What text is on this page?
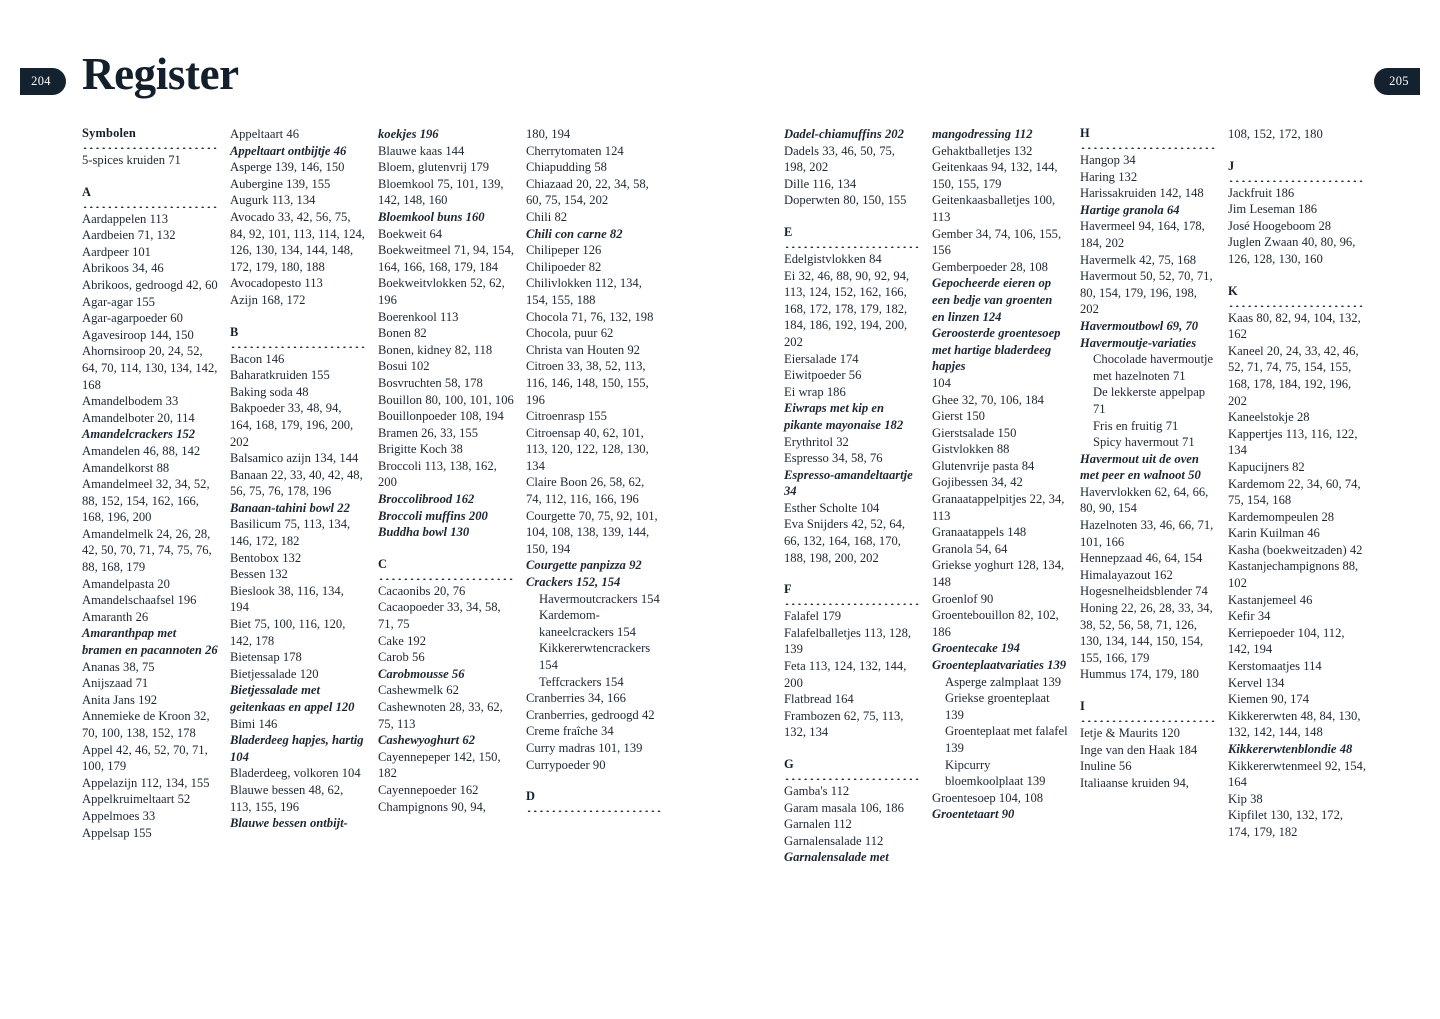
204	205
Register
Symbolen

5-spices kruiden 71

A

Aardappelen 113

Aardbeien 71, 132

Aardpeer 101

Abrikoos 34, 46

Abrikoos, gedroogd 42, 60

Agar-agar 155

Agar-agarpoeder 60

Agavesiroop 144, 150

Ahornsiroop 20, 24, 52, 64, 70, 114, 130, 134, 142, 168

Amandelbodem 33

Amandelboter 20, 114

Amandelcrackers 152

Amandelen 46, 88, 142

Amandelkorst 88

Amandelmeel 32, 34, 52, 88, 152, 154, 162, 166, 168, 196, 200

Amandelmelk 24, 26, 28, 42, 50, 70, 71, 74, 75, 76, 88, 168, 179

Amandelpasta 20

Amandelschaafsel 196

Amaranth 26

Amaranthpap met bramen en pacannoten 26

Ananas 38, 75

Anijszaad 71

Anita Jans 192

Annemieke de Kroon 32, 70, 100, 138, 152, 178

Appel 42, 46, 52, 70, 71, 100, 179

Appelazijn 112, 134, 155

Appelkruimeltaart 52

Appelmoes 33

Appelsap 155

Appeltaart 46

Appeltaart ontbijtje 46

Asperge 139, 146, 150

Aubergine 139, 155

Augurk 113, 134

Avocado 33, 42, 56, 75, 84, 92, 101, 113, 114, 124, 126, 130, 134, 144, 148, 172, 179, 180, 188

Avocadopesto 113

Azijn 168, 172

B

Bacon 146

Baharatkruiden 155

Baking soda 48

Bakpoeder 33, 48, 94, 164, 168, 179, 196, 200, 202

Balsamico azijn 134, 144

Banaan 22, 33, 40, 42, 48, 56, 75, 76, 178, 196

Banaan-tahini bowl 22

Basilicum 75, 113, 134, 146, 172, 182

Bentobox 132

Bessen 132

Bieslook 38, 116, 134, 194

Biet 75, 100, 116, 120, 142, 178

Bietensap 178

Bietjessalade 120

Bietjessalade met geitenkaas en appel 120

Bimi 146

Bladerdeeg hapjes, hartig 104

Bladerdeeg, volkoren 104

Blauwe bessen 48, 62, 113, 155, 196

Blauwe bessen ontbijt-

koekjes 196

Blauwe kaas 144

Bloem, glutenvrij 179

Bloemkool 75, 101, 139, 142, 148, 160

Bloemkool buns 160

Boekweit 64

Boekweitmeel 71, 94, 154, 164, 166, 168, 179, 184

Boekweitvlokken 52, 62, 196

Boerenkool 113

Bonen 82

Bonen, kidney 82, 118

Bosui 102

Bosvruchten 58, 178

Bouillon 80, 100, 101, 106

Bouillonpoeder 108, 194

Bramen 26, 33, 155

Brigitte Koch 38

Broccoli 113, 138, 162, 200

Broccolibrood 162

Broccoli muffins 200

Buddha bowl 130

C

Cacaonibs 20, 76

Cacaopoeder 33, 34, 58, 71, 75

Cake 192

Carob 56

Carobmousse 56

Cashewmelk 62

Cashewnoten 28, 33, 62, 75, 113

Cashewyoghurt 62

Cayennepeper 142, 150, 182

Cayennepoeder 162

Champignons 90, 94,

180, 194

Cherrytomaten 124

Chiapudding 58

Chiazaad 20, 22, 34, 58, 60, 75, 154, 202

Chili 82

Chili con carne 82

Chilipeper 126

Chilipoeder 82

Chilivlokken 112, 134, 154, 155, 188

Chocola 71, 76, 132, 198

Chocola, puur 62

Christa van Houten 92

Citroen 33, 38, 52, 113, 116, 146, 148, 150, 155, 196

Citroenrasp 155

Citroensap 40, 62, 101, 113, 120, 122, 128, 130, 134

Claire Boon 26, 58, 62, 74, 112, 116, 166, 196

Courgette 70, 75, 92, 101, 104, 108, 138, 139, 144, 150, 194

Courgette panpizza 92

Crackers 152, 154

Havermoutcrackers 154

Kardemom-kaneelcrackers 154

Kikkererwtencrackers 154

Teffcrackers 154

Cranberries 34, 166

Cranberries, gedroogd 42

Creme fraîche 34

Curry madras 101, 139

Currypoeder 90

D

Dadel-chiamuffins 202

Dadels 33, 46, 50, 75, 198, 202

Dille 116, 134

Doperwten 80, 150, 155

E

Edelgistvlokken 84

Ei 32, 46, 88, 90, 92, 94, 113, 124, 152, 162, 166, 168, 172, 178, 179, 182, 184, 186, 192, 194, 200, 202

Eiersalade 174

Eiwitpoeder 56

Ei wrap 186

Eiwraps met kip en pikante mayonaise 182

Erythritol 32

Espresso 34, 58, 76

Espresso-amandeltaartje 34

Esther Scholte 104

Eva Snijders 42, 52, 64, 66, 132, 164, 168, 170, 188, 198, 200, 202

F

Falafel 179

Falafelballetjes 113, 128, 139

Feta 113, 124, 132, 144, 200

Flatbread 164

Frambozen 62, 75, 113, 132, 134

G

Gamba's 112

Garam masala 106, 186

Garnalen 112

Garnalensalade 112

Garnalensalade met

mangodressing 112

Gehaktballetjes 132

Geitenkaas 94, 132, 144, 150, 155, 179

Geitenkaasballetjes 100, 113

Gember 34, 74, 106, 155, 156

Gemberpoeder 28, 108

Gepocheerde eieren op een bedje van groenten en linzen 124

Geroosterde groentesoep met hartige bladerdeeg hapjes

104

Ghee 32, 70, 106, 184

Gierst 150

Gierstsalade 150

Gistvlokken 88

Glutenvrije pasta 84

Gojibessen 34, 42

Granaatappelpitjes 22, 34, 113

Granaatappels 148

Granola 54, 64

Griekse yoghurt 128, 134, 148

Groenlof 90

Groentebouillon 82, 102, 186

Groentecake 194

Groenteplaatvariaties 139

Asperge zalmplaat 139

Griekse groenteplaat 139

Groenteplaat met falafel 139

Kipcurry bloemkoolplaat 139

Groentesoep 104, 108

Groentetaart 90

H

Hangop 34

Haring 132

Harissakruiden 142, 148

Hartige granola 64

Havermeel 94, 164, 178, 184, 202

Havermelk 42, 75, 168

Havermout 50, 52, 70, 71, 80, 154, 179, 196, 198, 202

Havermoutbowl 69, 70

Havermoutje-variaties

Chocolade havermoutje met hazelnoten 71

De lekkerste appelpap 71

Fris en fruitig 71

Spicy havermout 71

Havermout uit de oven met peer en walnoot 50

Havervlokken 62, 64, 66, 80, 90, 154

Hazelnoten 33, 46, 66, 71, 101, 166

Hennepzaad 46, 64, 154

Himalayazout 162

Hogesnelheidsblender 74

Honing 22, 26, 28, 33, 34, 38, 52, 56, 58, 71, 126, 130, 134, 144, 150, 154, 155, 166, 179

Hummus 174, 179, 180

I

Ietje & Maurits 120

Inge van den Haak 184

Inuline 56

Italiaanse kruiden 94,

108, 152, 172, 180

J

Jackfruit 186

Jim Leseman 186

José Hoogeboom 28

Juglen Zwaan 40, 80, 96, 126, 128, 130, 160

K

Kaas 80, 82, 94, 104, 132, 162

Kaneel 20, 24, 33, 42, 46, 52, 71, 74, 75, 154, 155, 168, 178, 184, 192, 196, 202

Kaneelstokje 28

Kappertjes 113, 116, 122, 134

Kapucijners 82

Kardemom 22, 34, 60, 74, 75, 154, 168

Kardemompeulen 28

Karin Kuilman 46

Kasha (boekweitzaden) 42

Kastanjechampignons 88, 102

Kastanjemeel 46

Kefir 34

Kerriepoeder 104, 112, 142, 194

Kerstomaatjes 114

Kervel 134

Kiemen 90, 174

Kikkererwten 48, 84, 130, 132, 142, 144, 148

Kikkererwtenblondie 48

Kikkererwtenmeel 92, 154, 164

Kip 38

Kipfilet 130, 132, 172, 174, 179, 182
